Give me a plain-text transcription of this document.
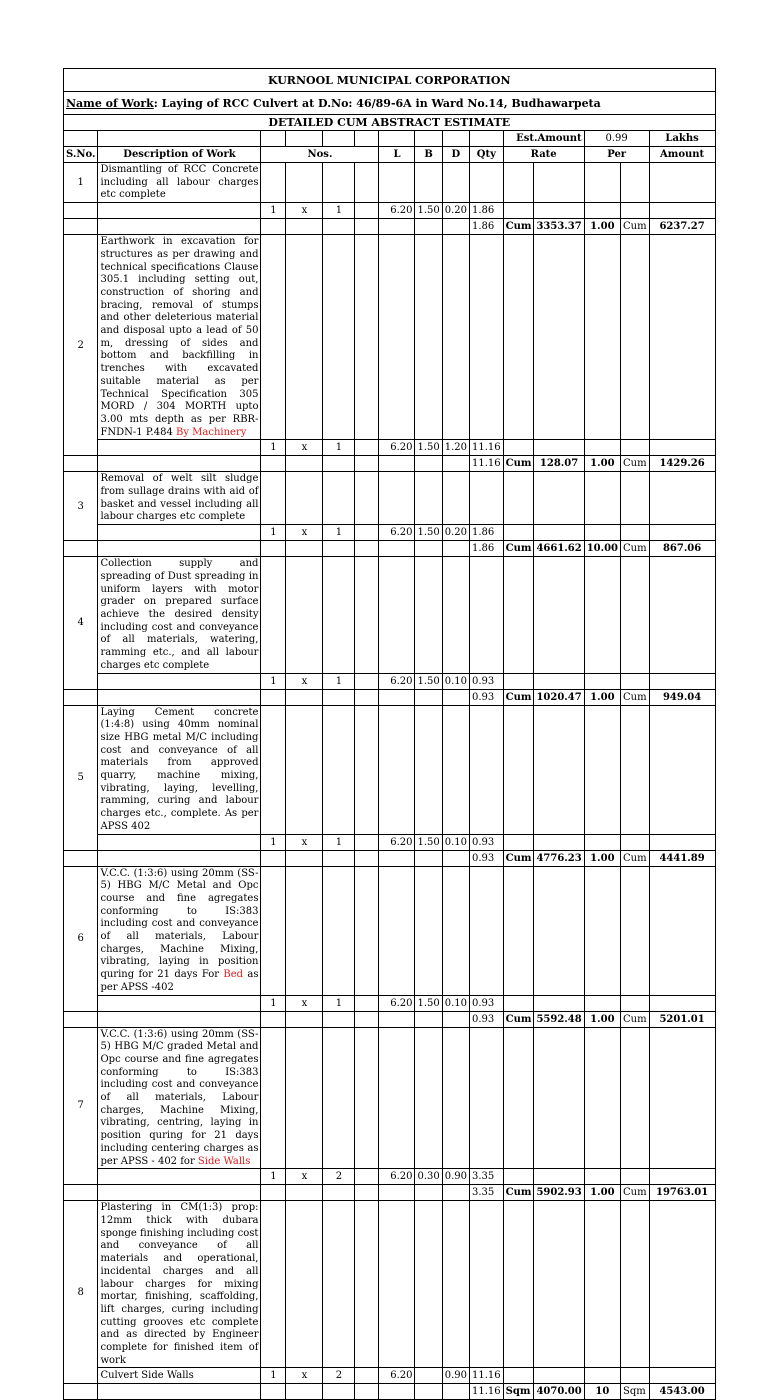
KURNOOL MUNICIPAL CORPORATION														
Name of Work: Laying of RCC Culvert at D.No: 46/89-6A in Ward No.14, Budhawarpeta														
DETAILED CUM ABSTRACT ESTIMATE														
										Est.Amount		0.99		Lakhs
S.No.	Description of Work	Nos.				L	B	D	Qty	Rate		Per		Amount
1	Dismantling of RCC Concrete including all labour charges etc complete													
		1	x	1		6.20	1.50	0.20	1.86					
									1.86	Cum	3353.37	1.00	Cum	6237.27
2	Earthwork in excavation for structures as per drawing and technical specifications Clause 305.1 including setting out, construction of shoring and bracing, removal of stumps and other deleterious material and disposal upto a lead of 50 m, dressing of sides and bottom and backfilling in trenches with excavated suitable material as per Technical Specification 305 MORD / 304 MORTH upto 3.00 mts depth as per RBR-FNDN-1 P.484 By Machinery													
		1	x	1		6.20	1.50	1.20	11.16					
									11.16	Cum	128.07	1.00	Cum	1429.26
3	Removal of welt silt sludge from sullage drains with aid of basket and vessel including all labour charges etc complete													
		1	x	1		6.20	1.50	0.20	1.86					
									1.86	Cum	4661.62	10.00	Cum	867.06
4	Collection supply and spreading of Dust spreading in uniform layers with motor grader on prepared surface achieve the desired density including cost and conveyance of all materials, watering, ramming etc., and all labour charges etc complete													
		1	x	1		6.20	1.50	0.10	0.93					
									0.93	Cum	1020.47	1.00	Cum	949.04
5	Laying Cement concrete (1:4:8) using 40mm nominal size HBG metal M/C including cost and conveyance of all materials from approved quarry, machine mixing, vibrating, laying, levelling, ramming, curing and labour charges etc., complete. As per APSS 402													
		1	x	1		6.20	1.50	0.10	0.93					
									0.93	Cum	4776.23	1.00	Cum	4441.89
6	V.C.C. (1:3:6) using 20mm (SS-5) HBG M/C Metal and Opc course and fine agregates conforming to IS:383 including cost and conveyance of all materials, Labour charges, Machine Mixing, vibrating, laying in position quring for 21 days For Bed as per APSS -402													
		1	x	1		6.20	1.50	0.10	0.93					
									0.93	Cum	5592.48	1.00	Cum	5201.01
7	V.C.C. (1:3:6) using 20mm (SS-5) HBG M/C graded Metal and Opc course and fine agregates conforming to IS:383 including cost and conveyance of all materials, Labour charges, Machine Mixing, vibrating, centring, laying in position quring for 21 days including centering charges as per APSS - 402 for Side Walls													
		1	x	2		6.20	0.30	0.90	3.35					
									3.35	Cum	5902.93	1.00	Cum	19763.01
8	Plastering in CM(1:3) prop: 12mm thick with dubara sponge finishing including cost and conveyance of all materials and operational, incidental charges and all labour charges for mixing mortar, finishing, scaffolding, lift charges, curing including cutting grooves etc complete and as directed by Engineer complete for finished item of work													
	Culvert Side Walls	1	x	2		6.20		0.90	11.16					
									11.16	Sqm	4070.00	10	Sqm	4543.00
